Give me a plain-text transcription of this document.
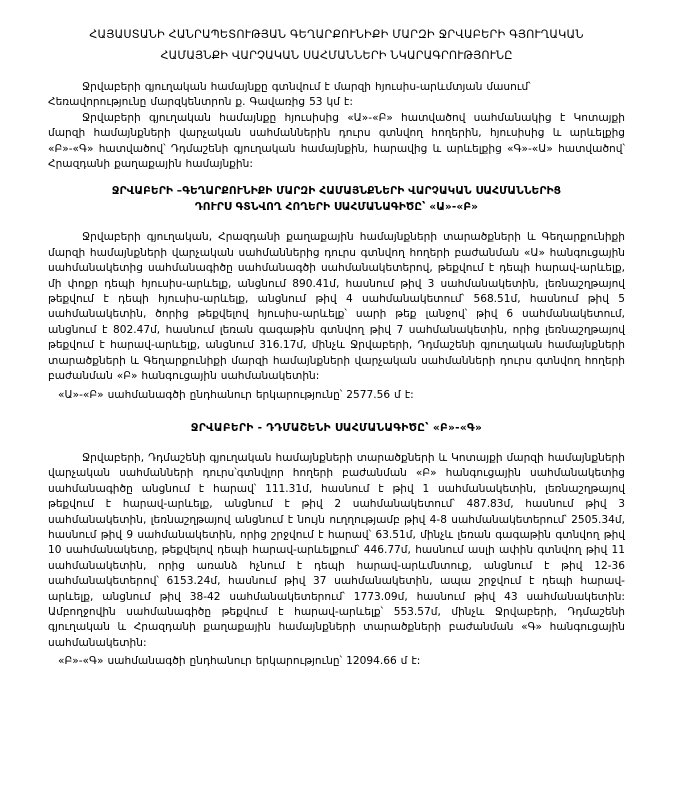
ՀԱՅԱՍՏԱՆԻ ՀԱՆՐԱՊԵՏՈՒԹՅԱՆ ԳԵՂԱՐՔՈՒՆԻՔԻ ՄԱՐԶԻ ՋՐՎԱԲԵՐԻ ԳՅՈՒՂԱԿԱՆ
ՀԱՄԱՅՆՔԻ ՎԱՐՉԱԿԱՆ ՍԱՀՄԱՆՆԵՐԻ ՆԿԱՐԱԳՐՈՒԹՅՈՒՆԸ

Ջրվաբերի գյուղական համայնքը գտնվում է մարզի հյուսիս-արևմտյան մասում՝

Հեռավորությունը մարզկենտրոն ք. Գավառից 53 կմ է:

Ջրվաբերի գյուղական համայնքը հյուսիսից «Ա»-«Բ» հատվածով սահմանակից է Կոտայքի մարզի համայնքների վարչական սահմաններին դուրս գտնվող հողերին, հյուսիսից և արևելքից «Բ»-«Գ» հատվածով՝ Դդմաշենի գյուղական համայնքին, հարավից և արևելքից «Գ»-«Ա» հատվածով՝ Հրազդանի քաղաքային համայնքին:

ՋՐՎԱԲԵՐԻ –ԳԵՂԱՐՔՈՒՆԻՔԻ ՄԱՐԶԻ ՀԱՄԱՅՆՔՆԵՐԻ ՎԱՐՉԱԿԱՆ ՍԱՀՄԱՆՆԵՐԻՑ
ԴՈՒՐՍ ԳՏՆՎՈՂ ՀՈՂԵՐԻ ՍԱՀՄԱՆԱԳԻԾԸ՝ «Ա»-«Բ»

Ջրվաբերի գյուղական, Հրազդանի քաղաքային համայնքների տարածքների և Գեղարքունիքի մարզի համայնքների վարչական սահմաններից դուրս գտնվող հողերի բաժանման «Ա» հանգուցային սահմանակետից սահմանագիծը սահմանագծի սահմանակետերով, թեքվում է դեպի հարավ-արևելք, մի փոքր դեպի հյուսիս-արևելք, անցնում 890.41մ, հասնում թիվ 3 սահմանակետին, լեռնաշղթայով թեքվում է դեպի հյուսիս-արևելք, անցնում թիվ 4 սահմանակետում՝ 568.51մ, հասնում թիվ 5 սահմանակետին, ծորից թեքվելով հյուսիս-արևելք՝ սարի թեք լանջով՝ թիվ 6 սահմանակետում, անցնում է 802.47մ, հասնում լեռան գագաթին գտնվող թիվ 7 սահմանակետին, որից լեռնաշղթայով թեքվում է հարավ-արևելք, անցնում 316.17մ, մինչև Ջրվաբերի, Դդմաշենի գյուղական համայնքների տարածքների և Գեղարքունիքի մարզի համայնքների վարչական սահմանների դուրս գտնվող հողերի բաժանման «Բ» հանգուցային սահմանակետին:

«Ա»-«Բ» սահմանագծի ընդհանուր երկարությունը՝ 2577.56 մ է:

ՋՐՎԱԲԵՐԻ - ԴԴՄԱՇԵՆԻ ՍԱՀՄԱՆԱԳԻԾԸ՝ «Բ»-«Գ»

Ջրվաբերի, Դդմաշենի գյուղական համայնքների տարածքների և Կոտայքի մարզի համայնքների վարչական սահմանների դուրս՝գտնվլոր հողերի բաժանման «Բ» հանգուցային սահմանակետից սահմանագիծը անցնում է հարավ՝ 111.31մ, հասնում է թիվ 1 սահմանակետին, լեռնաշղթայով թեքվում է հարավ-արևելք, անցնում է թիվ 2 սահմանակետում՝ 487.83մ, հասնում թիվ 3 սահմանակետին, լեռնաշղթայով անցնում է նույն ուղղությամբ թիվ 4-8 սահմանակետերում՝ 2505.34մ, հասնում թիվ 9 սահմանակետին, որից շրջվում է հարավ՝ 63.51մ, մինչև լեռան գագաթին գտնվող թիվ 10 սահմանակետը, թեքվելով դեպի հարավ-արևելքում՝ 446.77մ, հասնում ասլի ափին գտնվող թիվ 11 սահմանակետին, որից առանձ հչնում է դեպի հարավ-արևմնտուք, անցնում է թիվ 12-36 սահմանակետերով՝ 6153.24մ, հասնում թիվ 37 սահմանակետին, ապա շրջվում է դեպի հարավ-արևելք, անցնում թիվ 38-42 սահմանակետերում՝ 1773.09մ, հասնում թիվ 43 սահմանակետին: Ամբողջովին սահմանագիծը թեքվում է հարավ-արևելք՝ 553.57մ, մինչև Ջրվաբերի, Դդմաշենի գյուղական և Հրազդանի քաղաքային համայնքների տարածքների բաժանման «Գ» հանգուցային սահմանակետին:

«Բ»-«Գ» սահմանագծի ընդհանուր երկարությունը՝ 12094.66 մ է:
